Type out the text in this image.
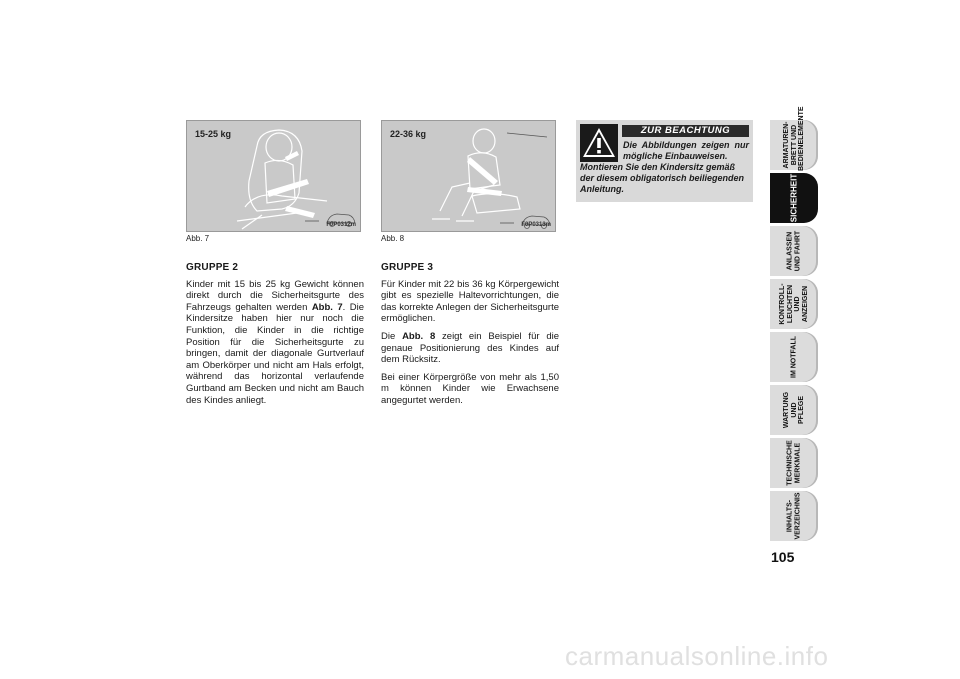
15-25 kg
F0P0312m
Abb. 7
22-36 kg
F0P0313m
Abb. 8
GRUPPE 2

Kinder mit 15 bis 25 kg Gewicht können direkt durch die Sicherheitsgurte des Fahrzeugs gehalten werden Abb. 7. Die Kindersitze haben hier nur noch die Funktion, die Kinder in die richtige Position für die Sicherheitsgurte zu bringen, damit der diagonale Gurtverlauf am Oberkörper und nicht am Hals erfolgt, während das horizontal verlaufende Gurtband am Becken und nicht am Bauch des Kindes anliegt.

GRUPPE 3

Für Kinder mit 22 bis 36 kg Körpergewicht gibt es spezielle Haltevorrichtungen, die das korrekte Anlegen der Sicherheitsgurte ermöglichen.

Die Abb. 8 zeigt ein Beispiel für die genaue Positionierung des Kindes auf dem Rücksitz.

Bei einer Körpergröße von mehr als 1,50 m können Kinder wie Erwachsene angegurtet werden.

ZUR BEACHTUNG
Die Abbildungen zeigen nur mögliche Einbauweisen.
Montieren Sie den Kindersitz gemäß der diesem obligatorisch beiliegenden Anleitung.
ARMATUREN-
BRETT UND
BEDIENELEMENTE
SICHERHEIT
ANLASSEN
UND FAHRT
KONTROLL-
LEUCHTEN UND
ANZEIGEN
IM NOTFALL
WARTUNG UND
PFLEGE
TECHNISCHE
MERKMALE
INHALTS-
VERZEICHNIS
105
carmanualsonline.info
